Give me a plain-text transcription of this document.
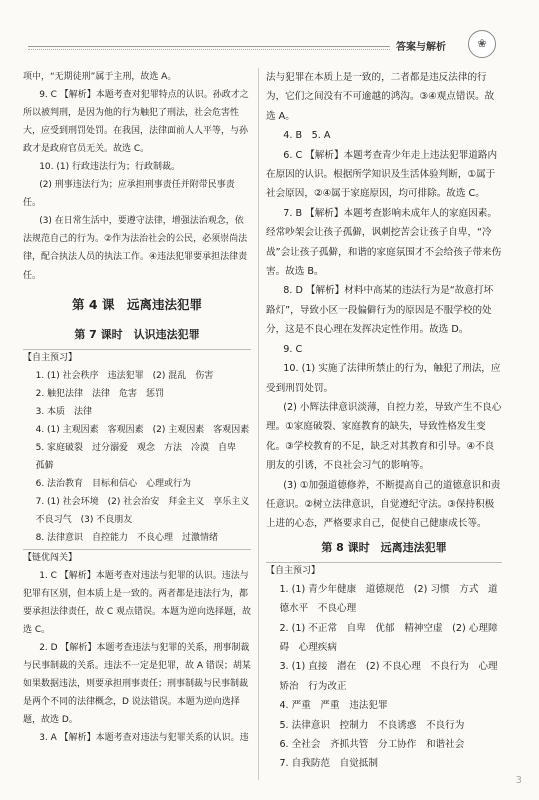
答案与解析	❀

项中，“无期徒刑”属于主刑，故选 A。

9. C 【解析】本题考查对犯罪特点的认识。孙政才之所以被判刑，是因为他的行为触犯了刑法，社会危害性大，应受到刑罚处罚。在我国，法律面前人人平等，与孙政才是政府官员无关。故选 C。

10. (1) 行政违法行为；行政制裁。

(2) 刑事违法行为；应承担刑事责任并附带民事责任。

(3) 在日常生活中，要遵守法律，增强法治观念，依法规范自己的行为。②作为法治社会的公民，必须崇尚法律，配合执法人员的执法工作。④违法犯罪要承担法律责任。

第 4 课　远离违法犯罪
第 7 课时　认识违法犯罪
【自主预习】

1. (1) 社会秩序　违法犯罪　(2) 混乱　伤害

2. 触犯法律　法律　危害　惩罚

3. 本质　法律

4. (1) 主观因素　客观因素　(2) 主观因素　客观因素

5. 家庭破裂　过分溺爱　观念　方法　冷漠　自卑　孤僻

6. 法治教育　目标和信心　心理或行为

7. (1) 社会环境　(2) 社会治安　拜金主义　享乐主义　不良习气　(3) 不良朋友

8. 法律意识　自控能力　不良心理　过激情绪

【链优闯关】

1. C 【解析】本题考查对违法与犯罪的认识。违法与犯罪有区别，但本质上是一致的。两者都是违法行为，都要承担法律责任，故 C 观点错误。本题为逆向选择题，故选 C。

2. D 【解析】本题考查违法与犯罪的关系，刑事制裁与民事制裁的关系。违法不一定是犯罪，故 A 错误；胡某如果数据违法，则要承担刑事责任；刑事制裁与民事制裁是两个不同的法律概念，D 说法错误。本题为逆向选择题，故选 D。

3. A 【解析】本题考查对违法与犯罪关系的认识。违

法与犯罪在本质上是一致的，二者都是违反法律的行为，它们之间没有不可逾越的鸿沟。③④观点错误。故选 A。

4. B　5. A

6. C 【解析】本题考查青少年走上违法犯罪道路内在原因的认识。根据所学知识及生活体验判断，①属于社会原因，②④属于家庭原因，均可排除。故选 C。

7. B 【解析】本题考查影响未成年人的家庭因素。经常吵架会让孩子孤僻，讽刺挖苦会让孩子自卑，“冷战”会让孩子孤僻，和谐的家庭氛围才不会给孩子带来伤害。故选 B。

8. D 【解析】材料中高某的违法行为是“故意打坏路灯”，导致小区一段偏僻行为的原因是不服学校的处分，这是不良心理在发挥决定性作用。故选 D。

9. C

10. (1) 实施了法律所禁止的行为，触犯了刑法，应受到刑罚处罚。

(2) 小辉法律意识淡薄，自控力差，导致产生不良心理。①家庭破裂、家庭教育的缺失，导致性格发生变化。③学校教育的不足，缺乏对其教育和引导。④不良朋友的引诱，不良社会习气的影响等。

(3) ①加强道德修养，不断提高自己的道德意识和责任意识。②树立法律意识，自觉遵纪守法。③保持积极上进的心态，严格要求自己，促使自己健康成长等。

第 8 课时　远离违法犯罪
【自主预习】

1. (1) 青少年健康　道德规范　(2) 习惯　方式　道德水平　不良心理

2. (1) 不正常　自卑　优郁　精神空虚　(2) 心理障碍　心理疾病

3. (1) 直接　潜在　(2) 不良心理　不良行为　心理矫治　行为改正

4. 严重　严重　违法犯罪

5. 法律意识　控制力　不良诱惑　不良行为

6. 全社会　齐抓共管　分工协作　和谐社会

7. 自我防范　自觉抵制

3
